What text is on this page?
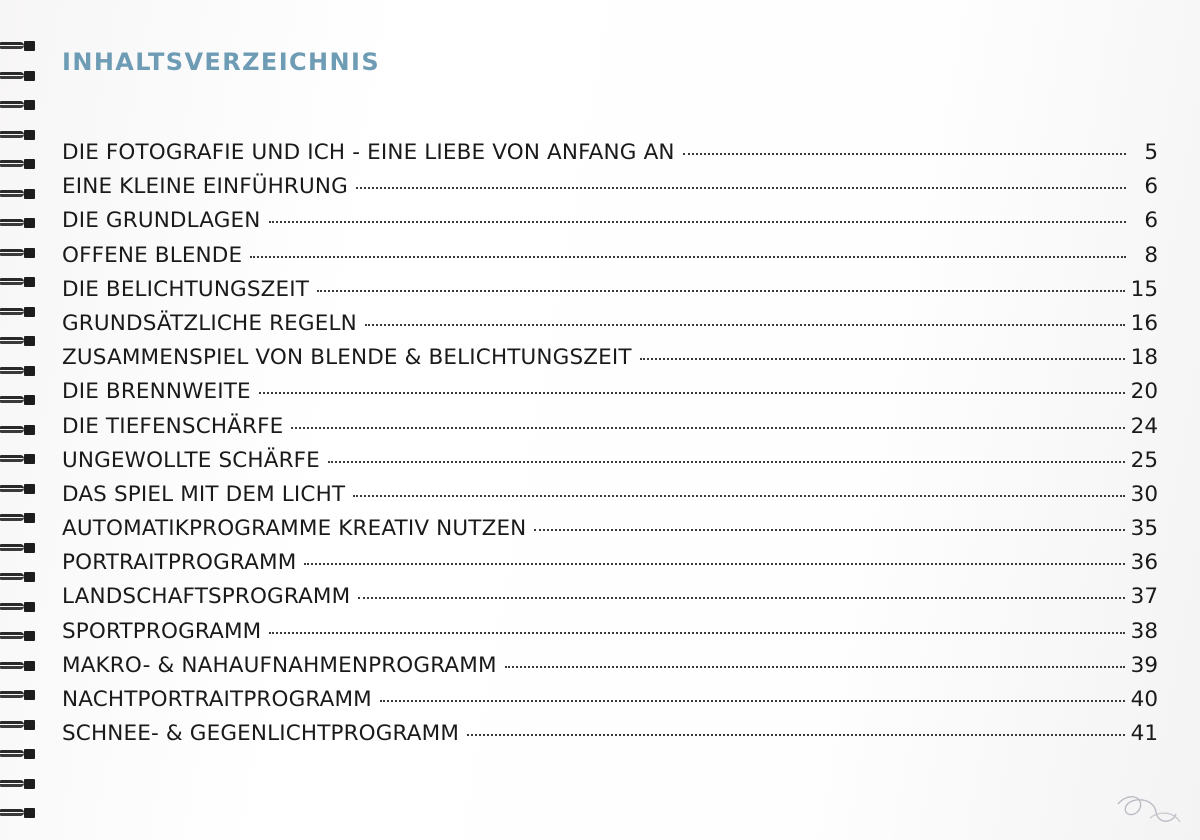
INHALTSVERZEICHNIS
DIE FOTOGRAFIE UND ICH - EINE LIEBE VON ANFANG AN	5
EINE KLEINE EINFÜHRUNG	6
DIE GRUNDLAGEN	6
OFFENE BLENDE	8
DIE BELICHTUNGSZEIT	15
GRUNDSÄTZLICHE REGELN	16
ZUSAMMENSPIEL VON BLENDE & BELICHTUNGSZEIT	18
DIE BRENNWEITE	20
DIE TIEFENSCHÄRFE	24
UNGEWOLLTE SCHÄRFE	25
DAS SPIEL MIT DEM LICHT	30
AUTOMATIKPROGRAMME KREATIV NUTZEN	35
PORTRAITPROGRAMM	36
LANDSCHAFTSPROGRAMM	37
SPORTPROGRAMM	38
MAKRO- & NAHAUFNAHMENPROGRAMM	39
NACHTPORTRAITPROGRAMM	40
SCHNEE- & GEGENLICHTPROGRAMM	41
